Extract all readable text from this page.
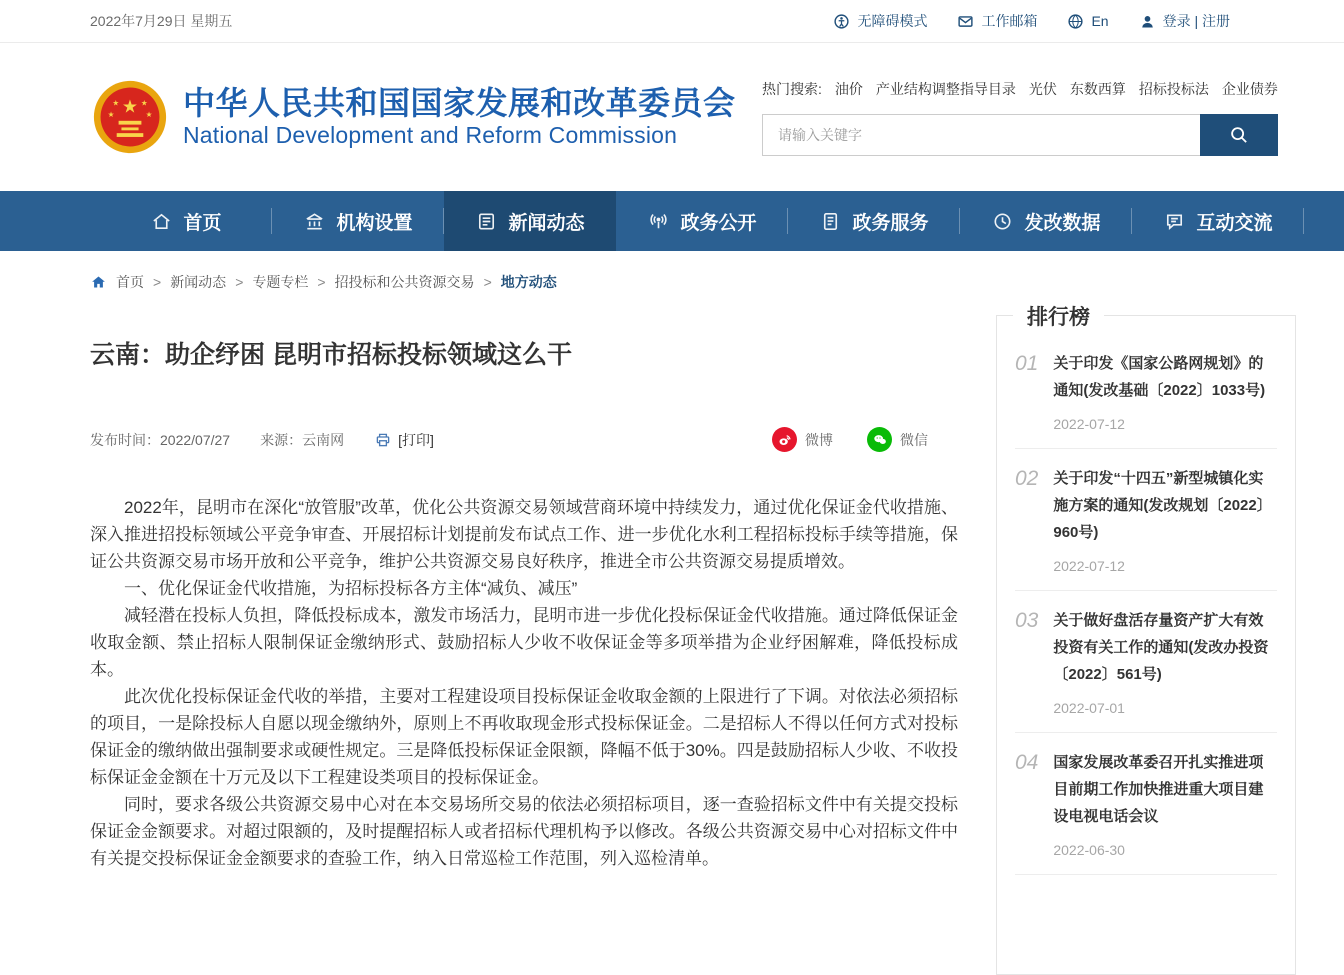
2022年7月29日 星期五	无障碍模式	工作邮箱	En	登录 | 注册
★
★	★
★	★ 中华人民共和国国家发展和改革委员会
National Development and Reform Commission
热门搜索: 油价 产业结构调整指导目录 光伏 东数西算 招标投标法 企业债券
请输入关键字
首页	机构设置	新闻动态	政务公开	政务服务	发改数据	互动交流
首页 > 新闻动态 > 专题专栏 > 招投标和公共资源交易 > 地方动态
云南：助企纾困 昆明市招标投标领域这么干
发布时间：2022/07/27 来源：云南网	[打印]	微博	微信

2022年，昆明市在深化“放管服”改革，优化公共资源交易领域营商环境中持续发力，通过优化保证金代收措施、深入推进招投标领域公平竞争审查、开展招标计划提前发布试点工作、进一步优化水利工程招标投标手续等措施，保证公共资源交易市场开放和公平竞争，维护公共资源交易良好秩序，推进全市公共资源交易提质增效。

一、优化保证金代收措施，为招标投标各方主体“减负、减压”

减轻潜在投标人负担，降低投标成本，激发市场活力，昆明市进一步优化投标保证金代收措施。通过降低保证金收取金额、禁止招标人限制保证金缴纳形式、鼓励招标人少收不收保证金等多项举措为企业纾困解难，降低投标成本。

此次优化投标保证金代收的举措，主要对工程建设项目投标保证金收取金额的上限进行了下调。对依法必须招标的项目，一是除投标人自愿以现金缴纳外，原则上不再收取现金形式投标保证金。二是招标人不得以任何方式对投标保证金的缴纳做出强制要求或硬性规定。三是降低投标保证金限额，降幅不低于30%。四是鼓励招标人少收、不收投标保证金金额在十万元及以下工程建设类项目的投标保证金。

同时，要求各级公共资源交易中心对在本交易场所交易的依法必须招标项目，逐一查验招标文件中有关提交投标保证金金额要求。对超过限额的，及时提醒招标人或者招标代理机构予以修改。各级公共资源交易中心对招标文件中有关提交投标保证金金额要求的查验工作，纳入日常巡检工作范围，列入巡检清单。

排行榜
01 关于印发《国家公路网规划》的通知(发改基础〔2022〕1033号)
2022-07-12
02 关于印发“十四五”新型城镇化实施方案的通知(发改规划〔2022〕960号)
2022-07-12
03 关于做好盘活存量资产扩大有效投资有关工作的通知(发改办投资〔2022〕561号)
2022-07-01
04 国家发展改革委召开扎实推进项目前期工作加快推进重大项目建设电视电话会议
2022-06-30
